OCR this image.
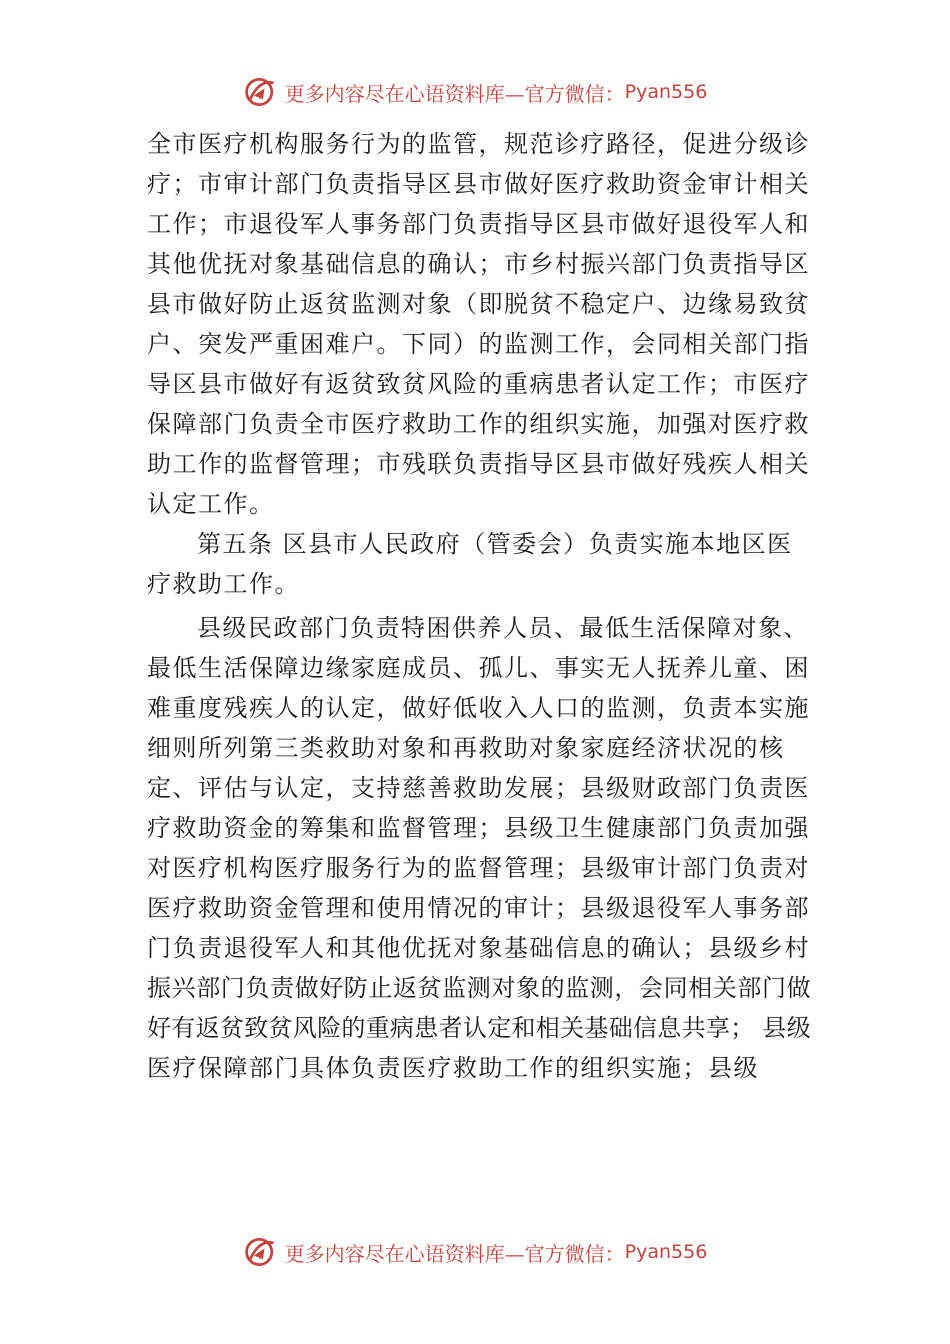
更多内容尽在心语资料库 —官方微信： Pyan556
全市医疗机构服务行为的监管，规范诊疗路径，促进分级诊
疗；市审计部门负责指导区县市做好医疗救助资金审计相关
工作；市退役军人事务部门负责指导区县市做好退役军人和
其他优抚对象基础信息的确认；市乡村振兴部门负责指导区
县市做好防止返贫监测对象（即脱贫不稳定户、边缘易致贫
户、突发严重困难户。下同）的监测工作，会同相关部门指
导区县市做好有返贫致贫风险的重病患者认定工作；市医疗
保障部门负责全市医疗救助工作的组织实施，加强对医疗救
助工作的监督管理；市残联负责指导区县市做好残疾人相关
认定工作。
第五条 区县市人民政府（管委会）负责实施本地区医
疗救助工作。
县级民政部门负责特困供养人员、最低生活保障对象、
最低生活保障边缘家庭成员、孤儿、事实无人抚养儿童、困
难重度残疾人的认定，做好低收入人口的监测，负责本实施
细则所列第三类救助对象和再救助对象家庭经济状况的核
定、评估与认定，支持慈善救助发展；县级财政部门负责医
疗救助资金的筹集和监督管理；县级卫生健康部门负责加强
对医疗机构医疗服务行为的监督管理；县级审计部门负责对
医疗救助资金管理和使用情况的审计；县级退役军人事务部
门负责退役军人和其他优抚对象基础信息的确认；县级乡村
振兴部门负责做好防止返贫监测对象的监测，会同相关部门做
好有返贫致贫风险的重病患者认定和相关基础信息共享； 县级
医疗保障部门具体负责医疗救助工作的组织实施；县级
更多内容尽在心语资料库 —官方微信： Pyan556
